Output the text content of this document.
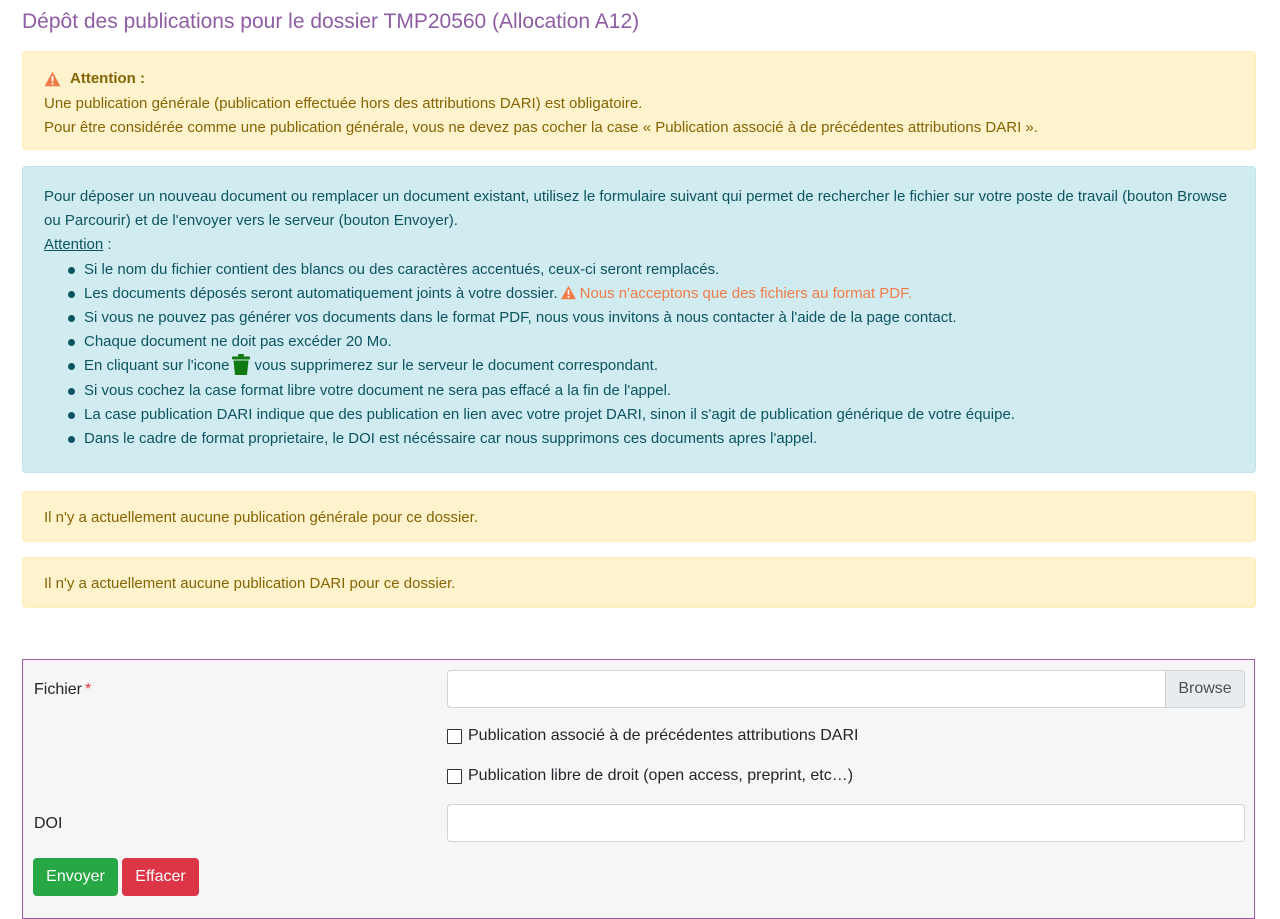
Dépôt des publications pour le dossier TMP20560 (Allocation A12)
Attention :
Une publication générale (publication effectuée hors des attributions DARI) est obligatoire.
Pour être considérée comme une publication générale, vous ne devez pas cocher la case « Publication associé à de précédentes attributions DARI ».
Pour déposer un nouveau document ou remplacer un document existant, utilisez le formulaire suivant qui permet de rechercher le fichier sur votre poste de travail (bouton Browse ou Parcourir) et de l'envoyer vers le serveur (bouton Envoyer).
Attention :
Si le nom du fichier contient des blancs ou des caractères accentués, ceux-ci seront remplacés.
Les documents déposés seront automatiquement joints à votre dossier. Nous n'acceptons que des fichiers au format PDF.
Si vous ne pouvez pas générer vos documents dans le format PDF, nous vous invitons à nous contacter à l'aide de la page contact.
Chaque document ne doit pas excéder 20 Mo.
En cliquant sur l'icone vous supprimerez sur le serveur le document correspondant.
Si vous cochez la case format libre votre document ne sera pas effacé a la fin de l'appel.
La case publication DARI indique que des publication en lien avec votre projet DARI, sinon il s'agit de publication générique de votre équipe.
Dans le cadre de format proprietaire, le DOI est nécéssaire car nous supprimons ces documents apres l'appel.
Il n'y a actuellement aucune publication générale pour ce dossier.
Il n'y a actuellement aucune publication DARI pour ce dossier.
Fichier *	Browse
Publication associé à de précédentes attributions DARI
Publication libre de droit (open access, preprint, etc…)
DOI
Envoyer	Effacer
